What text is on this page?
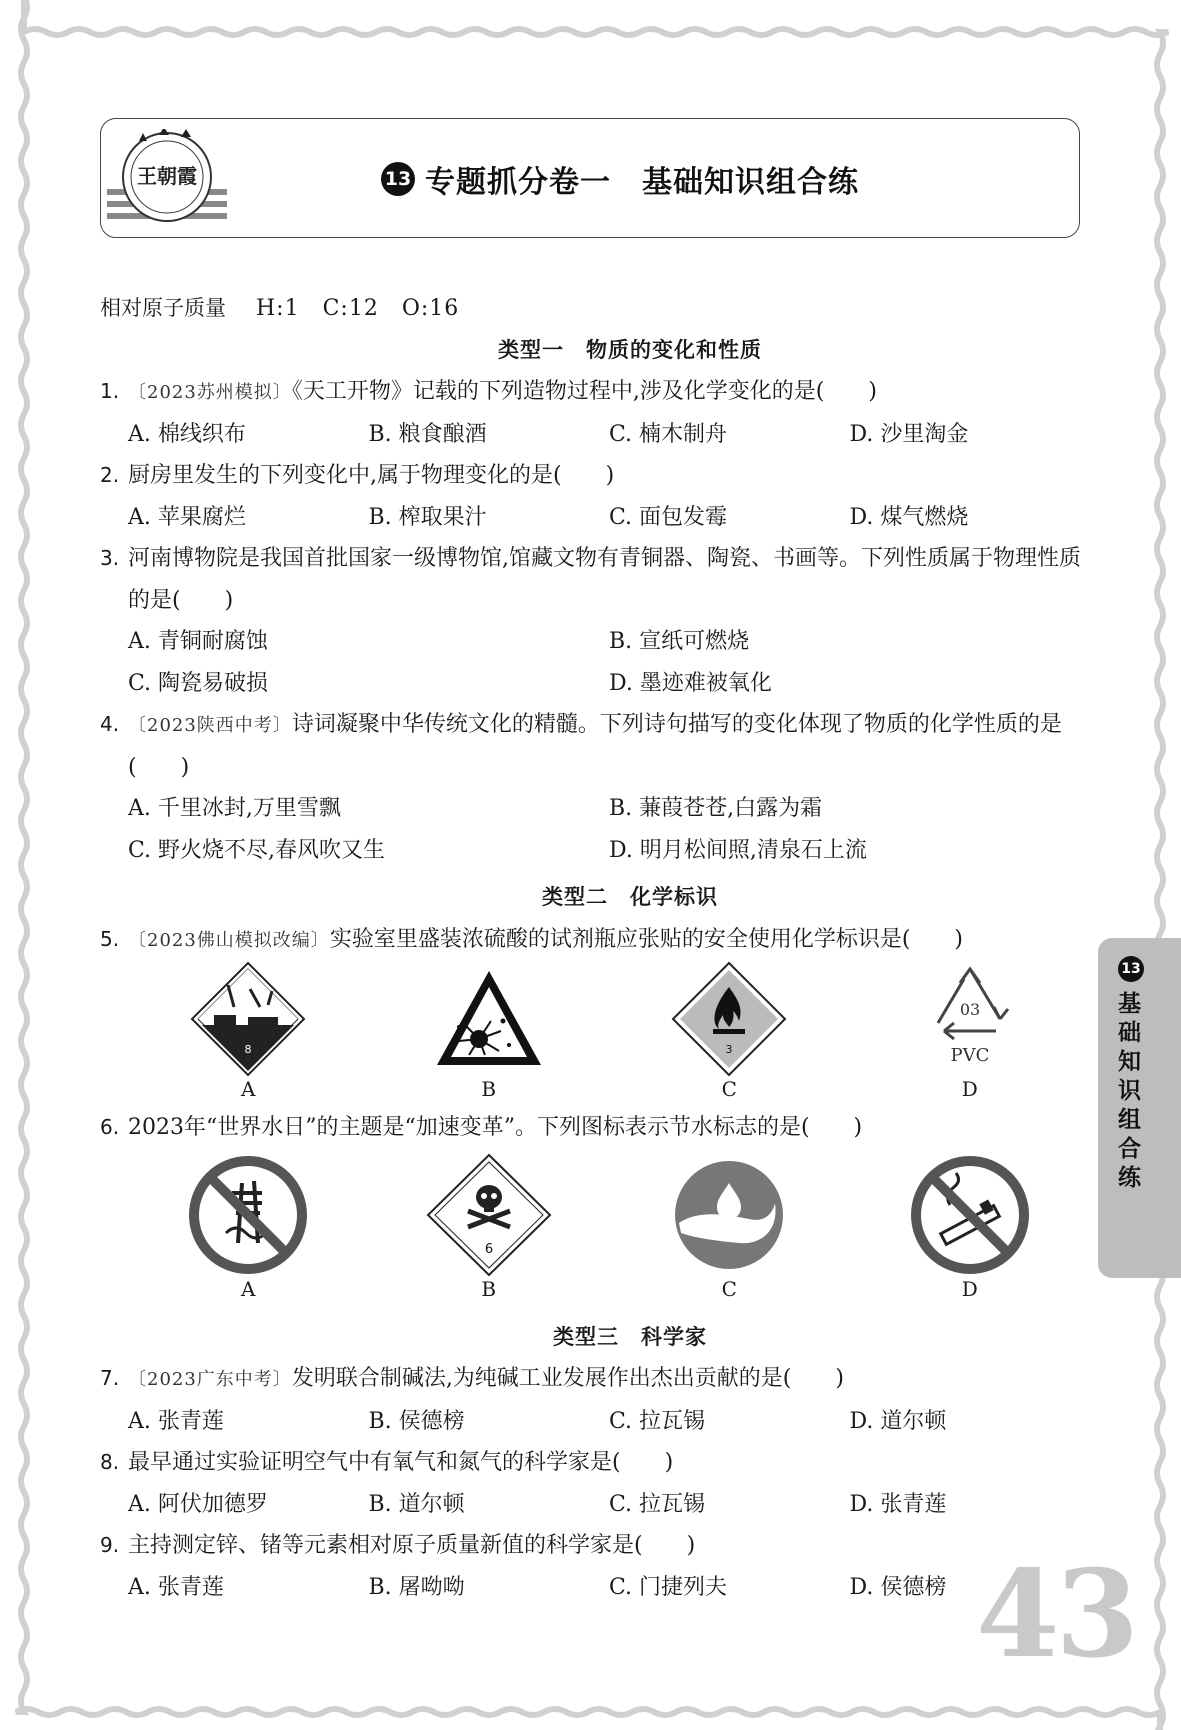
王朝霞	13 专题抓分卷一　基础知识组合练
相对原子质量 H:1　C:12　O:16
类型一　物质的变化和性质
1. 〔2023苏州模拟〕《天工开物》记载的下列造物过程中,涉及化学变化的是(　　)
A. 棉线织布	B. 粮食酿酒	C. 楠木制舟	D. 沙里淘金
2. 厨房里发生的下列变化中,属于物理变化的是(　　)
A. 苹果腐烂	B. 榨取果汁	C. 面包发霉	D. 煤气燃烧
3. 河南博物院是我国首批国家一级博物馆,馆藏文物有青铜器、陶瓷、书画等。下列性质属于物理性质的是(　　)
A. 青铜耐腐蚀	B. 宣纸可燃烧
C. 陶瓷易破损	D. 墨迹难被氧化
4. 〔2023陕西中考〕诗词凝聚中华传统文化的精髓。下列诗句描写的变化体现了物质的化学性质的是(　　)
A. 千里冰封,万里雪飘	B. 蒹葭苍苍,白露为霜
C. 野火烧不尽,春风吹又生	D. 明月松间照,清泉石上流
类型二　化学标识
5. 〔2023佛山模拟改编〕实验室里盛装浓硫酸的试剂瓶应张贴的安全使用化学标识是(　　)
8
A	B
3
C
03
PVC
D
6. 2023年“世界水日”的主题是“加速变革”。下列图标表示节水标志的是(　　)
A
6
B	C	D
类型三　科学家
7. 〔2023广东中考〕发明联合制碱法,为纯碱工业发展作出杰出贡献的是(　　)
A. 张青莲	B. 侯德榜	C. 拉瓦锡	D. 道尔顿
8. 最早通过实验证明空气中有氧气和氮气的科学家是(　　)
A. 阿伏加德罗	B. 道尔顿	C. 拉瓦锡	D. 张青莲
9. 主持测定锌、锗等元素相对原子质量新值的科学家是(　　)
A. 张青莲	B. 屠呦呦	C. 门捷列夫	D. 侯德榜
13
基础知识组合练
43
